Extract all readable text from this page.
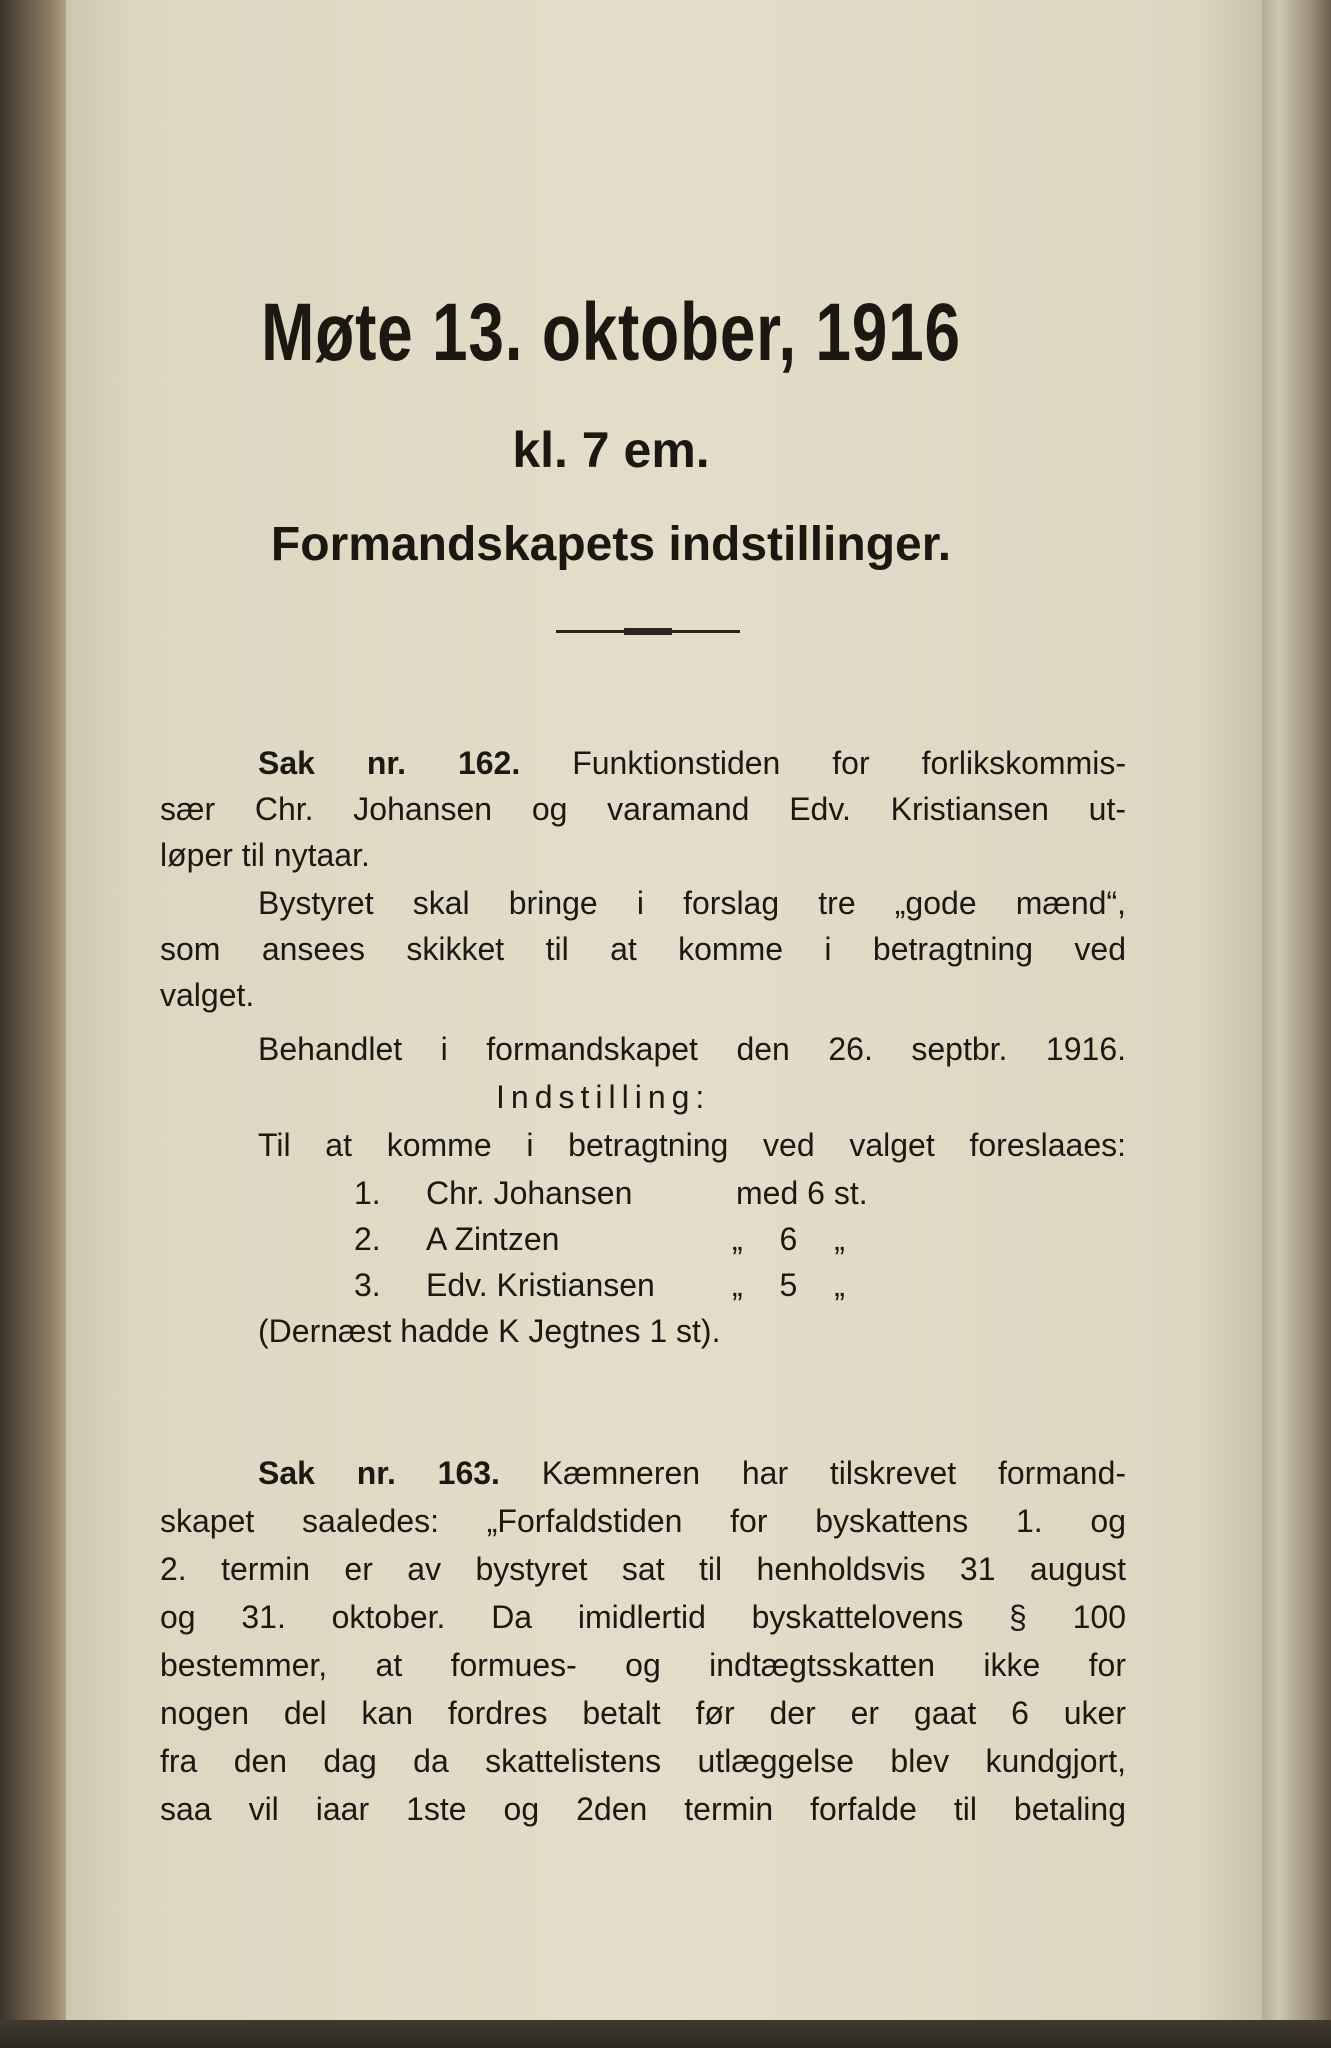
Møte 13. oktober, 1916
kl. 7 em.
Formandskapets indstillinger.
Sak nr. 162. Funktionstiden for forlikskommis-
sær Chr. Johansen og varamand Edv. Kristiansen ut-
løper til nytaar.
Bystyret skal bringe i forslag tre „gode mænd“,
som ansees skikket til at komme i betragtning ved
valget.
Behandlet i formandskapet den 26. septbr. 1916.
Indstilling:
Til at komme i betragtning ved valget foreslaaes:
1. Chr. Johansen	med 6 st.
2. A Zintzen	„ 6 „
3. Edv. Kristiansen „ 5 „
(Dernæst hadde K Jegtnes 1 st).
Sak nr. 163. Kæmneren har tilskrevet formand-
skapet saaledes: „Forfaldstiden for byskattens 1. og
2. termin er av bystyret sat til henholdsvis 31 august
og 31. oktober. Da imidlertid byskattelovens § 100
bestemmer, at formues- og indtægtsskatten ikke for
nogen del kan fordres betalt før der er gaat 6 uker
fra den dag da skattelistens utlæggelse blev kundgjort,
saa vil iaar 1ste og 2den termin forfalde til betaling
